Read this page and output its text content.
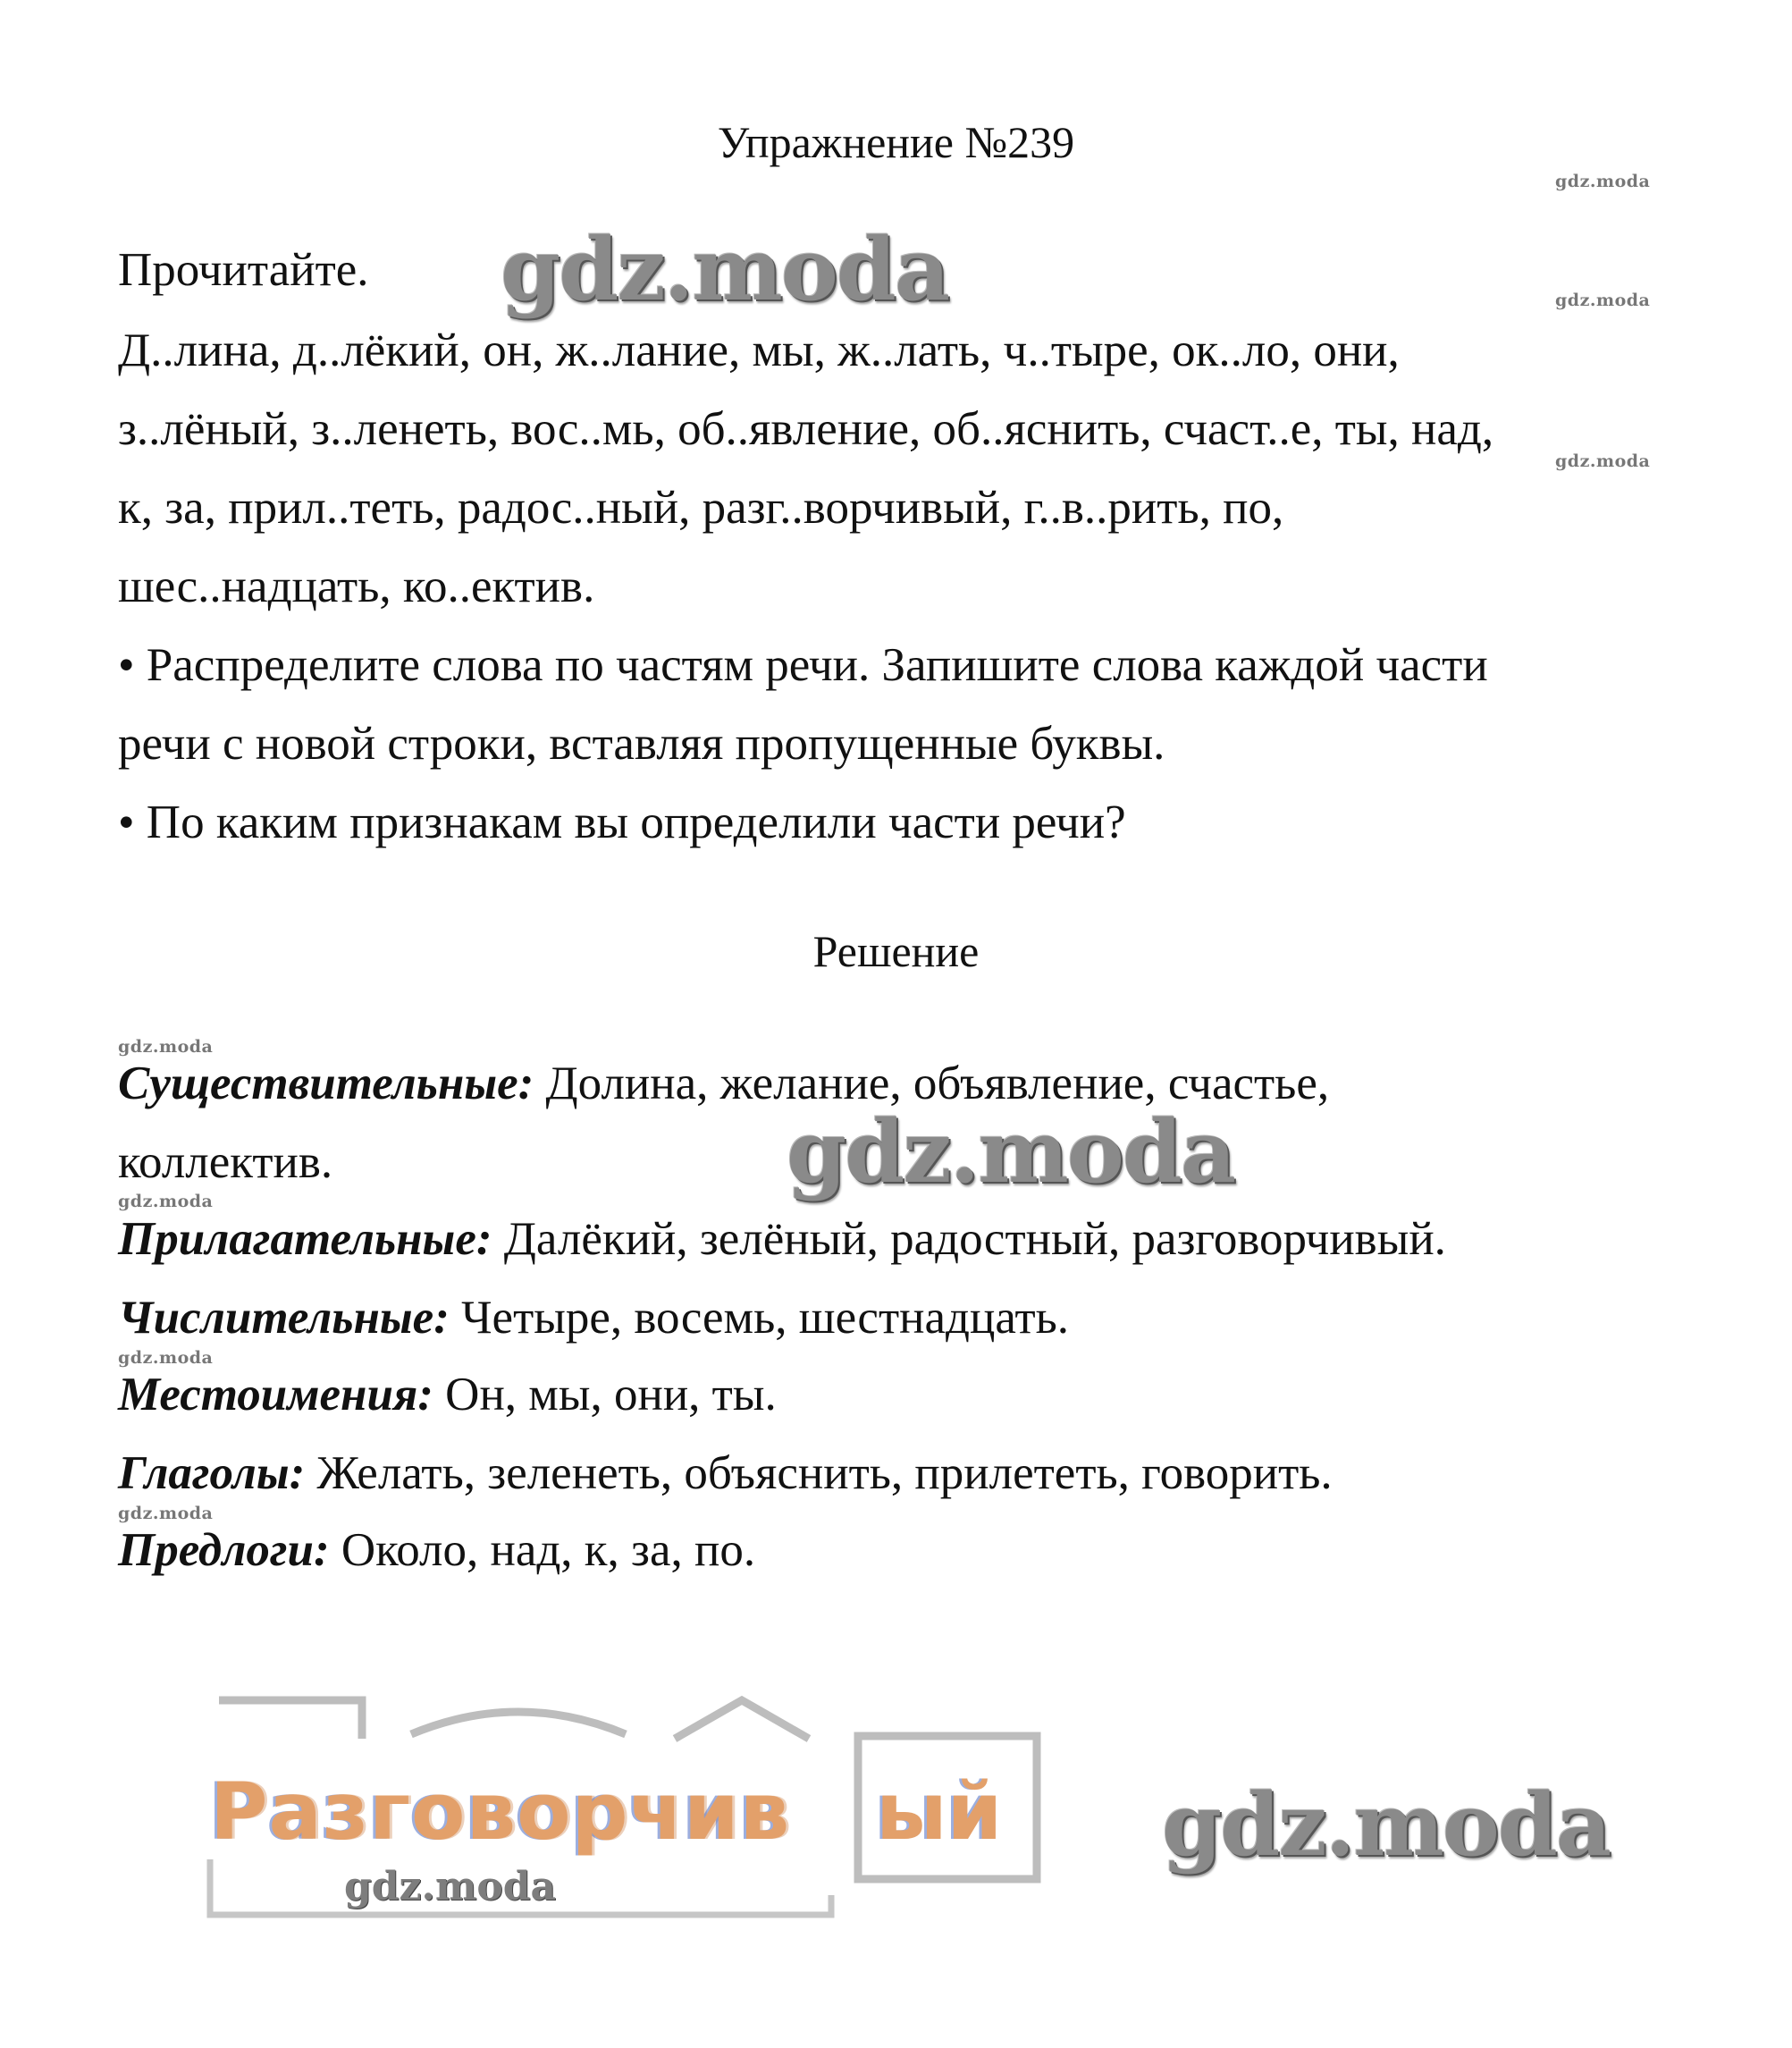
Упражнение №239
gdz.moda
gdz.moda
gdz.moda
Прочитайте. gdz.moda
Д..лина, д..лёкий, он, ж..лание, мы, ж..лать, ч..тыре, ок..ло, они,
з..лёный, з..ленеть, вос..мь, об..явление, об..яснить, счаст..е, ты, над,
к, за, прил..теть, радос..ный, разг..ворчивый, г..в..рить, по,
шес..надцать, ко..ектив.
• Распределите слова по частям речи. Запишите слова каждой части
речи с новой строки, вставляя пропущенные буквы.
• По каким признакам вы определили части речи?
Решение
gdz.moda
Существительные: Долина, желание, объявление, счастье,
коллектив.	gdz.moda
gdz.moda
Прилагательные: Далёкий, зелёный, радостный, разговорчивый.
Числительные: Четыре, восемь, шестнадцать.
gdz.moda
Местоимения: Он, мы, они, ты.
Глаголы: Желать, зеленеть, объяснить, прилететь, говорить.
gdz.moda
Предлоги: Около, над, к, за, по.
Разговорчив ый
gdz.moda
gdz.moda
